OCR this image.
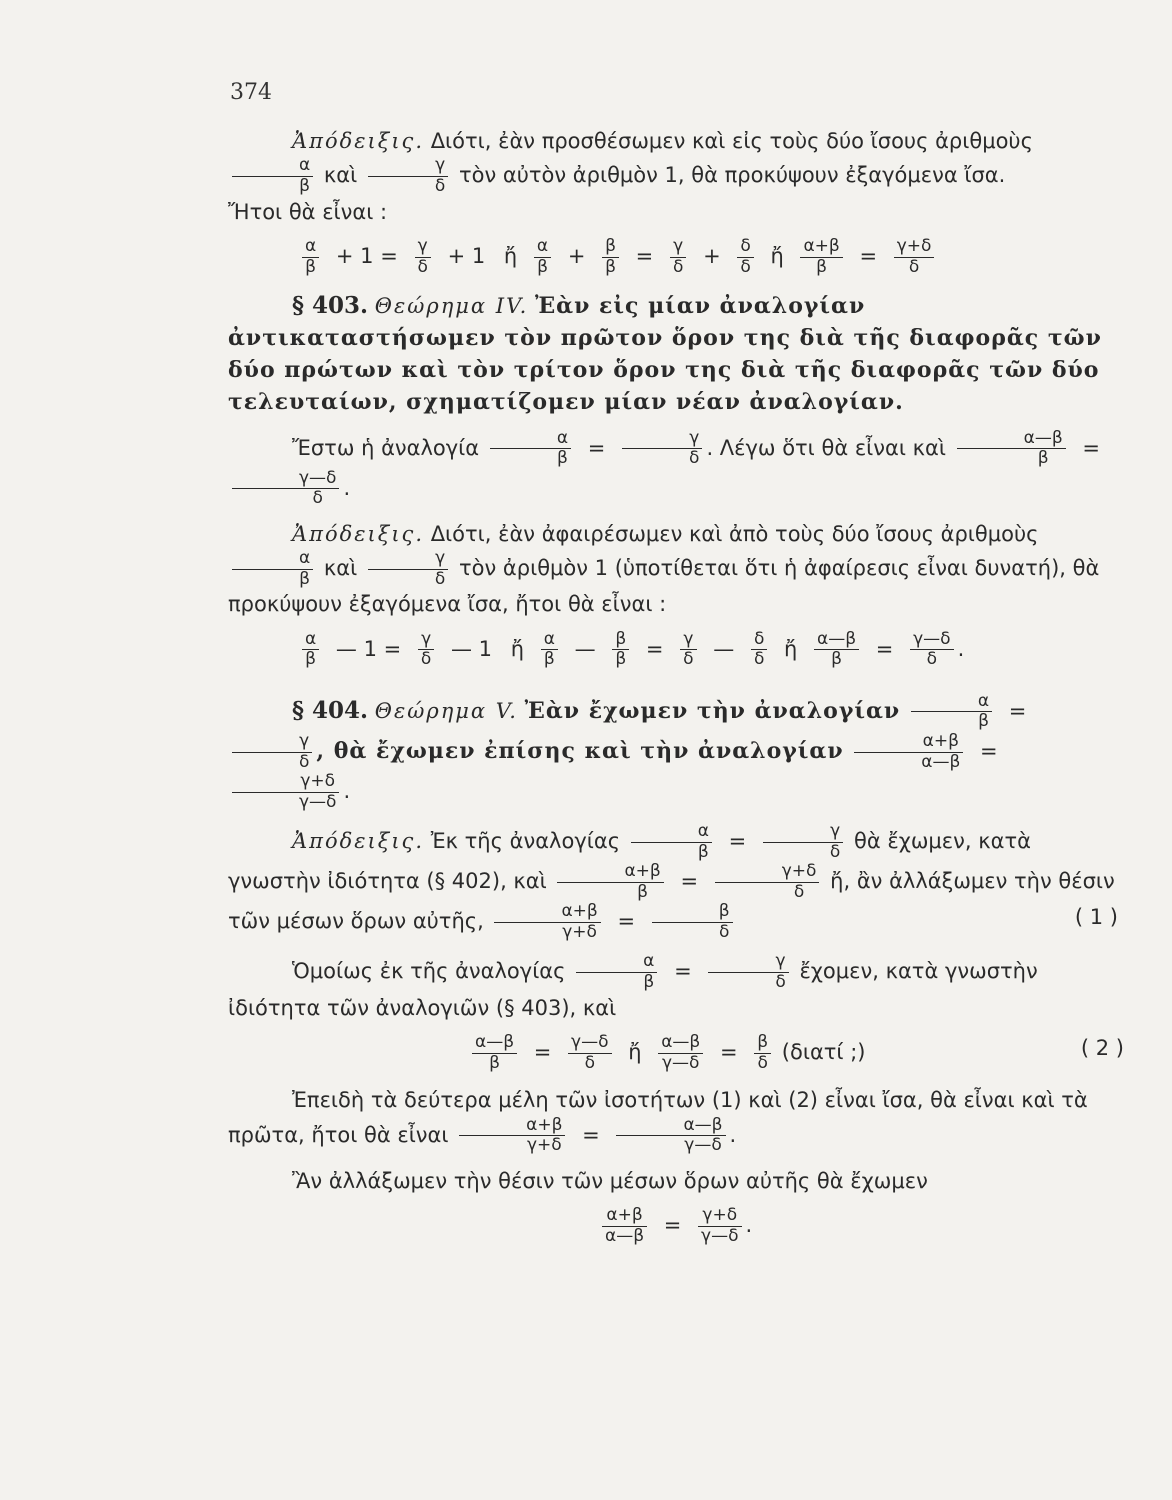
374

Ἀπόδειξις. Διότι, ἐὰν προσθέσωμεν καὶ εἰς τοὺς δύο ἴσους ἀριθμοὺς
$\frac{\alpha}{\beta}$ καὶ $\frac{\gamma}{\delta}$ τὸν αὐτὸν ἀριθμὸν 1, θὰ προκύψουν ἐξαγόμενα ἴσα.
Ἤτοι θὰ εἶναι :

$\frac{\alpha}{\beta} + 1 = \frac{\gamma}{\delta} + 1$ ἤ $\frac{\alpha}{\beta} + \frac{\beta}{\beta} = \frac{\gamma}{\delta} + \frac{\delta}{\delta}$ ἤ $\frac{\alpha+\beta}{\beta} = \frac{\gamma+\delta}{\delta}$

§ 403. Θεώρημα IV. Ἐὰν εἰς μίαν ἀναλογίαν ἀντικαταστήσωμεν τὸν πρῶτον ὅρον της διὰ τῆς διαφορᾶς τῶν δύο πρώτων καὶ τὸν τρίτον ὅρον της διὰ τῆς διαφορᾶς τῶν δύο τελευταίων, σχηματίζομεν μίαν νέαν ἀναλογίαν.

Ἔστω ἡ ἀναλογία $\frac{\alpha}{\beta} = \frac{\gamma}{\delta}$ . Λέγω ὅτι θὰ εἶναι καὶ $\frac{\alpha—\beta}{\beta}$ =
$\frac{\gamma—\delta}{\delta}$ .

Ἀπόδειξις. Διότι, ἐὰν ἀφαιρέσωμεν καὶ ἀπὸ τοὺς δύο ἴσους ἀριθμοὺς
$\frac{\alpha}{\beta}$ καὶ $\frac{\gamma}{\delta}$ τὸν ἀριθμὸν 1 (ὑποτίθεται ὅτι ἡ ἀφαίρεσις εἶναι δυνατή), θὰ προκύψουν ἐξαγόμενα ἴσα, ἤτοι θὰ εἶναι :

$\frac{\alpha}{\beta}$ — $1 = \frac{\gamma}{\delta}$ — 1 ἤ $\frac{\alpha}{\beta}$ — $\frac{\beta}{\beta} = \frac{\gamma}{\delta}$ — $\frac{\delta}{\delta}$ ἤ $\frac{\alpha—\beta}{\beta} = \frac{\gamma—\delta}{\delta}$ .

§ 404. Θεώρημα V. Ἐὰν ἔχωμεν τὴν ἀναλογίαν $\frac{\alpha}{\beta}$ =
$\frac{\gamma}{\delta}$ , θὰ ἔχωμεν ἐπίσης καὶ τὴν ἀναλογίαν $\frac{\alpha+\beta}{\alpha—\beta}$ =
$\frac{\gamma+\delta}{\gamma—\delta}$ .

Ἀπόδειξις. Ἐκ τῆς ἀναλογίας $\frac{\alpha}{\beta} = \frac{\gamma}{\delta}$ θὰ ἔχωμεν, κατὰ γνωστὴν ἰδιότητα (§ 402), καὶ $\frac{\alpha+\beta}{\beta} = \frac{\gamma+\delta}{\delta}$ ἤ, ἂν ἀλλάξωμεν τὴν θέσιν τῶν μέσων ὅρων αὐτῆς, $\frac{\alpha+\beta}{\gamma+\delta} = \frac{\beta}{\delta}$	( 1 )

Ὁμοίως ἐκ τῆς ἀναλογίας $\frac{\alpha}{\beta} = \frac{\gamma}{\delta}$ ἔχομεν, κατὰ γνωστὴν ἰδιότητα τῶν ἀναλογιῶν (§ 403), καὶ

$\frac{\alpha—\beta}{\beta} = \frac{\gamma—\delta}{\delta}$ ἤ $\frac{\alpha—\beta}{\gamma—\delta} = \frac{\beta}{\delta} (\delta\iota\alpha\tau ί$ ;)	( 2 )

Ἐπειδὴ τὰ δεύτερα μέλη τῶν ἰσοτήτων (1) καὶ (2) εἶναι ἴσα, θὰ εἶναι καὶ τὰ πρῶτα, ἤτοι θὰ εἶναι $\frac{\alpha+\beta}{\gamma+\delta} = \frac{\alpha—\beta}{\gamma—\delta}$ .

Ἂν ἀλλάξωμεν τὴν θέσιν τῶν μέσων ὅρων αὐτῆς θὰ ἔχωμεν

$\frac{\alpha+\beta}{\alpha—\beta} = \frac{\gamma+\delta}{\gamma—\delta}$ .
